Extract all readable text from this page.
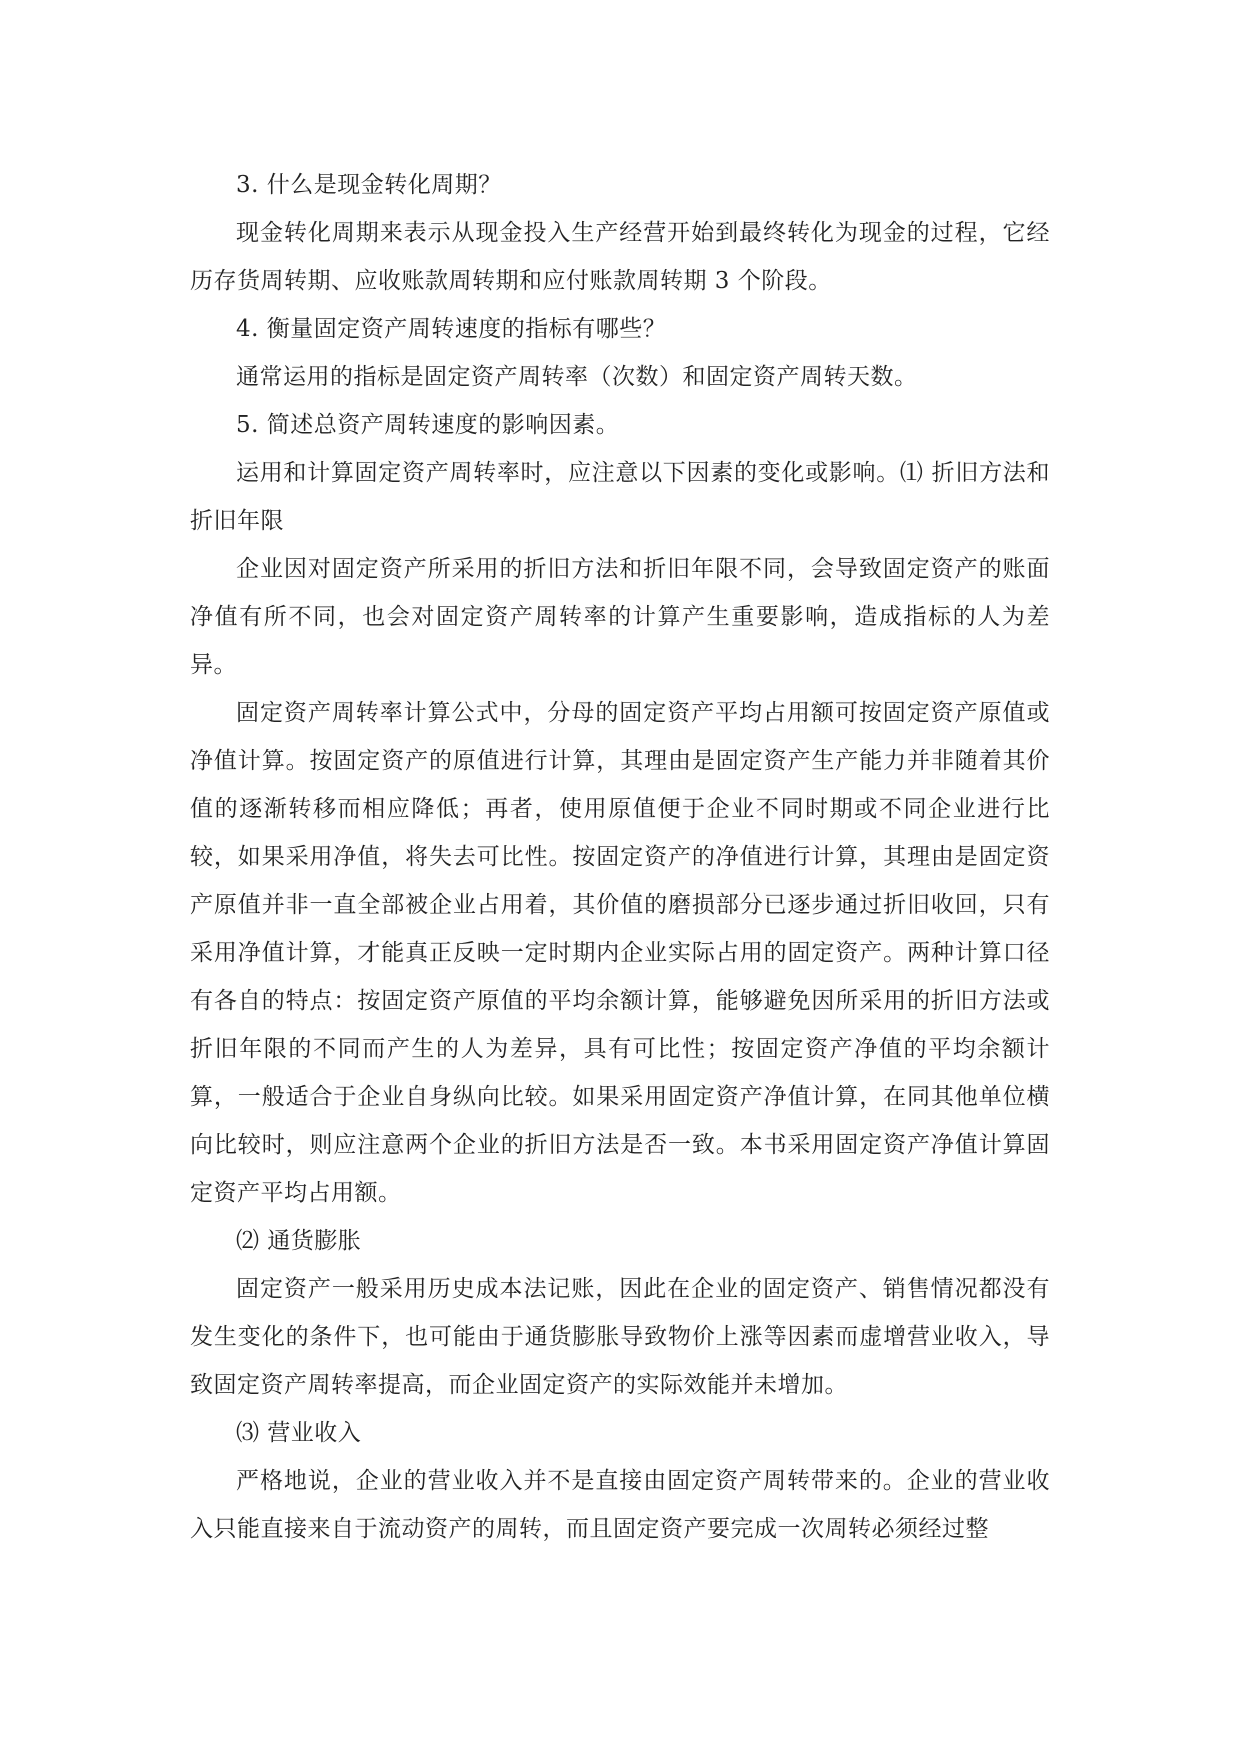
3. 什么是现金转化周期？

现金转化周期来表示从现金投入生产经营开始到最终转化为现金的过程，它经历存货周转期、应收账款周转期和应付账款周转期 3 个阶段。

4. 衡量固定资产周转速度的指标有哪些？

通常运用的指标是固定资产周转率（次数）和固定资产周转天数。

5. 简述总资产周转速度的影响因素。

运用和计算固定资产周转率时，应注意以下因素的变化或影响。⑴ 折旧方法和折旧年限

企业因对固定资产所采用的折旧方法和折旧年限不同，会导致固定资产的账面净值有所不同，也会对固定资产周转率的计算产生重要影响，造成指标的人为差异。

固定资产周转率计算公式中，分母的固定资产平均占用额可按固定资产原值或净值计算。按固定资产的原值进行计算，其理由是固定资产生产能力并非随着其价值的逐渐转移而相应降低；再者，使用原值便于企业不同时期或不同企业进行比较，如果采用净值，将失去可比性。按固定资产的净值进行计算，其理由是固定资产原值并非一直全部被企业占用着，其价值的磨损部分已逐步通过折旧收回，只有采用净值计算，才能真正反映一定时期内企业实际占用的固定资产。两种计算口径有各自的特点：按固定资产原值的平均余额计算，能够避免因所采用的折旧方法或折旧年限的不同而产生的人为差异，具有可比性；按固定资产净值的平均余额计算，一般适合于企业自身纵向比较。如果采用固定资产净值计算，在同其他单位横向比较时，则应注意两个企业的折旧方法是否一致。本书采用固定资产净值计算固定资产平均占用额。

⑵ 通货膨胀

固定资产一般采用历史成本法记账，因此在企业的固定资产、销售情况都没有发生变化的条件下，也可能由于通货膨胀导致物价上涨等因素而虚增营业收入，导致固定资产周转率提高，而企业固定资产的实际效能并未增加。

⑶ 营业收入

严格地说，企业的营业收入并不是直接由固定资产周转带来的。企业的营业收入只能直接来自于流动资产的周转，而且固定资产要完成一次周转必须经过整
